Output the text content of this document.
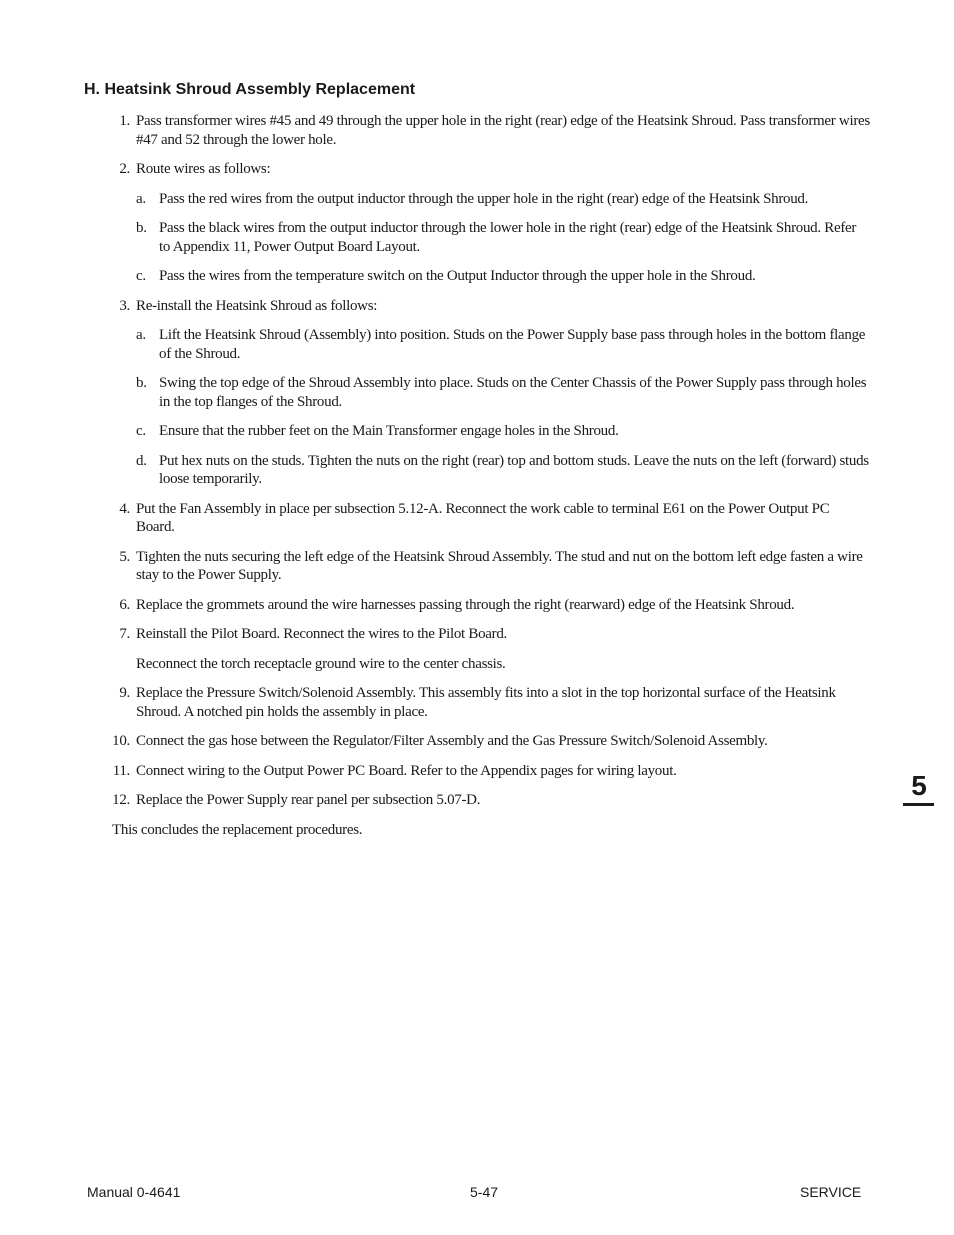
H. Heatsink Shroud Assembly Replacement
1. Pass transformer wires #45 and 49 through the upper hole in the right (rear) edge of the Heatsink Shroud. Pass transformer wires #47 and 52 through the lower hole.
2. Route wires as follows:
a. Pass the red wires from the output inductor through the upper hole in the right (rear) edge of the Heatsink Shroud.
b. Pass the black wires from the output inductor through the lower hole in the right (rear) edge of the Heatsink Shroud. Refer to Appendix 11, Power Output Board Layout.
c. Pass the wires from the temperature switch on the Output Inductor through the upper hole in the Shroud.
3. Re-install the Heatsink Shroud as follows:
a. Lift the Heatsink Shroud (Assembly) into position. Studs on the Power Supply base pass through holes in the bottom flange of the Shroud.
b. Swing the top edge of the Shroud Assembly into place. Studs on the Center Chassis of the Power Supply pass through holes in the top flanges of the Shroud.
c. Ensure that the rubber feet on the Main Transformer engage holes in the Shroud.
d. Put hex nuts on the studs. Tighten the nuts on the right (rear) top and bottom studs. Leave the nuts on the left (forward) studs loose temporarily.
4. Put the Fan Assembly in place per subsection 5.12-A. Reconnect the work cable to terminal E61 on the Power Output PC Board.
5. Tighten the nuts securing the left edge of the Heatsink Shroud Assembly. The stud and nut on the bottom left edge fasten a wire stay to the Power Supply.
6. Replace the grommets around the wire harnesses passing through the right (rearward) edge of the Heatsink Shroud.
7. Reinstall the Pilot Board. Reconnect the wires to the Pilot Board.
Reconnect the torch receptacle ground wire to the center chassis.
9. Replace the Pressure Switch/Solenoid Assembly. This assembly fits into a slot in the top horizontal surface of the Heatsink Shroud. A notched pin holds the assembly in place.
10. Connect the gas hose between the Regulator/Filter Assembly and the Gas Pressure Switch/Solenoid Assembly.
11. Connect wiring to the Output Power PC Board. Refer to the Appendix pages for wiring layout.
12. Replace the Power Supply rear panel per subsection 5.07-D.
This concludes the replacement procedures.
5
Manual 0-4641	5-47	SERVICE
